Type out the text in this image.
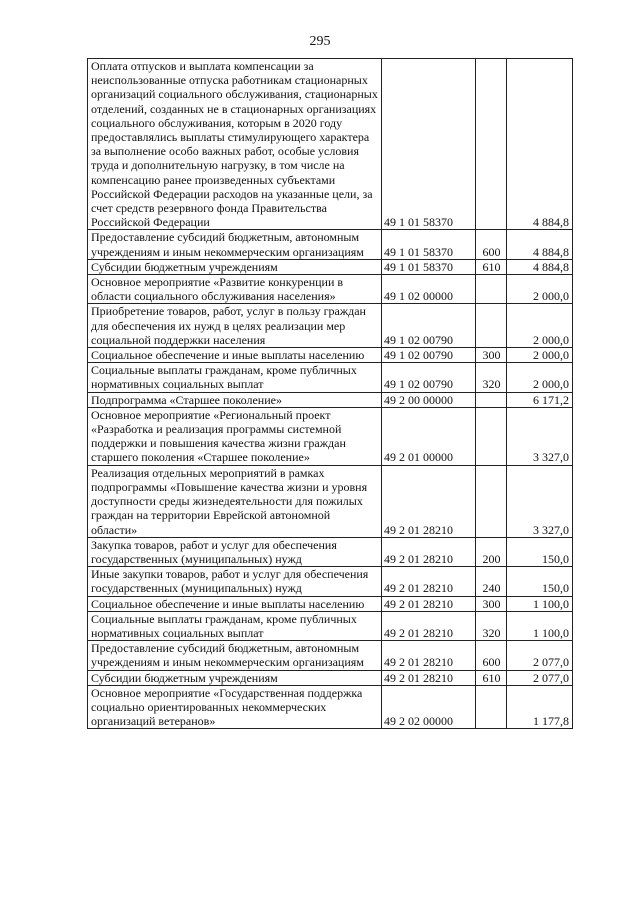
295
Оплата отпусков и выплата компенсации за неиспользованные отпуска работникам стационарных организаций социального обслуживания, стационарных отделений, созданных не в стационарных организациях социального обслуживания, которым в 2020 году предоставлялись выплаты стимулирующего характера за выполнение особо важных работ, особые условия труда и дополнительную нагрузку, в том числе на компенсацию ранее произведенных субъектами Российской Федерации расходов на указанные цели, за счет средств резервного фонда Правительства Российской Федерации	49 1 01 58370		4 884,8
Предоставление субсидий бюджетным, автономным учреждениям и иным некоммерческим организациям	49 1 01 58370	600	4 884,8
Субсидии бюджетным учреждениям	49 1 01 58370	610	4 884,8
Основное мероприятие «Развитие конкуренции в области социального обслуживания населения»	49 1 02 00000		2 000,0
Приобретение товаров, работ, услуг в пользу граждан для обеспечения их нужд в целях реализации мер социальной поддержки населения	49 1 02 00790		2 000,0
Социальное обеспечение и иные выплаты населению	49 1 02 00790	300	2 000,0
Социальные выплаты гражданам, кроме публичных нормативных социальных выплат	49 1 02 00790	320	2 000,0
Подпрограмма «Старшее поколение»	49 2 00 00000		6 171,2
Основное мероприятие «Региональный проект «Разработка и реализация программы системной поддержки и повышения качества жизни граждан старшего поколения «Старшее поколение»	49 2 01 00000		3 327,0
Реализация отдельных мероприятий в рамках подпрограммы «Повышение качества жизни и уровня доступности среды жизнедеятельности для пожилых граждан на территории Еврейской автономной области»	49 2 01 28210		3 327,0
Закупка товаров, работ и услуг для обеспечения государственных (муниципальных) нужд	49 2 01 28210	200	150,0
Иные закупки товаров, работ и услуг для обеспечения государственных (муниципальных) нужд	49 2 01 28210	240	150,0
Социальное обеспечение и иные выплаты населению	49 2 01 28210	300	1 100,0
Социальные выплаты гражданам, кроме публичных нормативных социальных выплат	49 2 01 28210	320	1 100,0
Предоставление субсидий бюджетным, автономным учреждениям и иным некоммерческим организациям	49 2 01 28210	600	2 077,0
Субсидии бюджетным учреждениям	49 2 01 28210	610	2 077,0
Основное мероприятие «Государственная поддержка социально ориентированных некоммерческих организаций ветеранов»	49 2 02 00000		1 177,8
